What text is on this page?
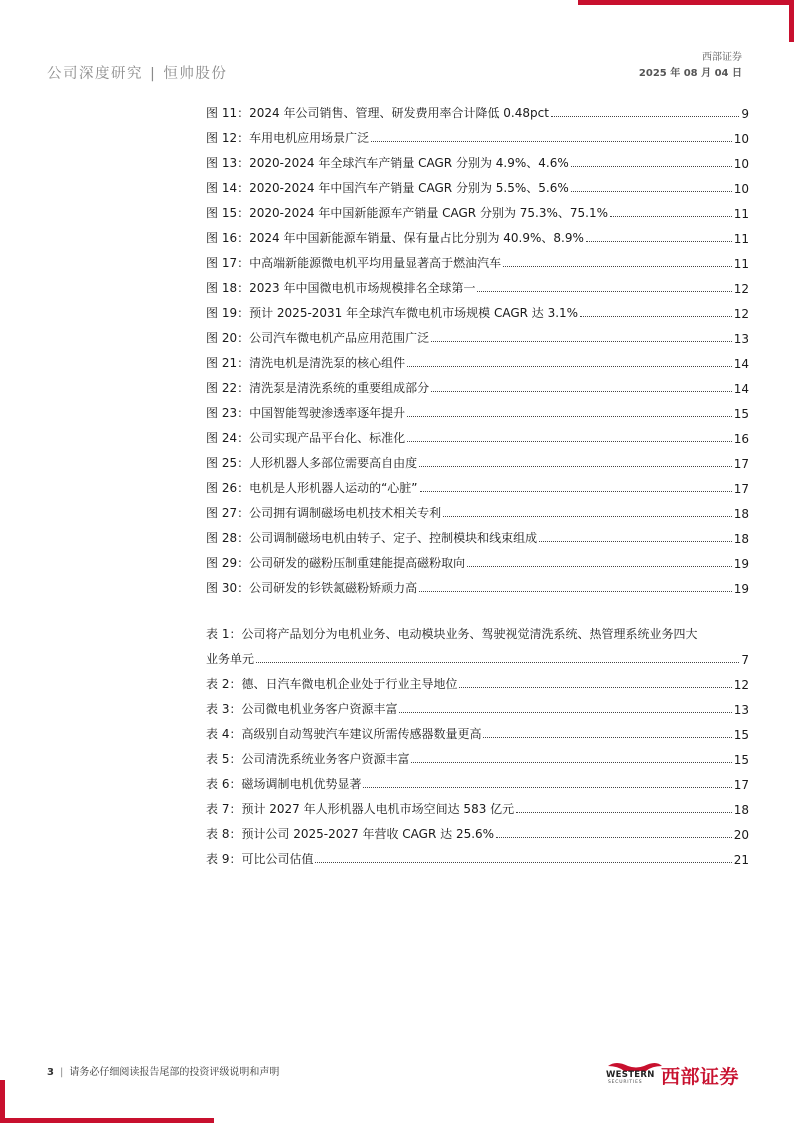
公司深度研究 | 恒帅股份
西部证券
2025 年 08 月 04 日
图 11： 2024 年公司销售、管理、研发费用率合计降低 0.48pct	9
图 12： 车用电机应用场景广泛	10
图 13： 2020-2024 年全球汽车产销量 CAGR 分别为 4.9%、4.6%	10
图 14： 2020-2024 年中国汽车产销量 CAGR 分别为 5.5%、5.6%	10
图 15： 2020-2024 年中国新能源车产销量 CAGR 分别为 75.3%、75.1%	11
图 16： 2024 年中国新能源车销量、保有量占比分别为 40.9%、8.9%	11
图 17： 中高端新能源微电机平均用量显著高于燃油汽车	11
图 18： 2023 年中国微电机市场规模排名全球第一	12
图 19： 预计 2025-2031 年全球汽车微电机市场规模 CAGR 达 3.1%	12
图 20： 公司汽车微电机产品应用范围广泛	13
图 21： 清洗电机是清洗泵的核心组件	14
图 22： 清洗泵是清洗系统的重要组成部分	14
图 23： 中国智能驾驶渗透率逐年提升	15
图 24： 公司实现产品平台化、标准化	16
图 25： 人形机器人多部位需要高自由度	17
图 26： 电机是人形机器人运动的“心脏”	17
图 27： 公司拥有调制磁场电机技术相关专利	18
图 28： 公司调制磁场电机由转子、定子、控制模块和线束组成	18
图 29： 公司研发的磁粉压制重建能提高磁粉取向	19
图 30： 公司研发的钐铁氮磁粉矫顽力高	19
表 1： 公司将产品划分为电机业务、电动模块业务、驾驶视觉清洗系统、热管理系统业务四大
业务单元	7
表 2： 德、日汽车微电机企业处于行业主导地位	12
表 3： 公司微电机业务客户资源丰富	13
表 4： 高级别自动驾驶汽车建议所需传感器数量更高	15
表 5： 公司清洗系统业务客户资源丰富	15
表 6： 磁场调制电机优势显著	17
表 7： 预计 2027 年人形机器人电机市场空间达 583 亿元	18
表 8： 预计公司 2025-2027 年营收 CAGR 达 25.6%	20
表 9： 可比公司估值	21
3 | 请务必仔细阅读报告尾部的投资评级说明和声明	WESTERN
SECURITIES 西部证券
